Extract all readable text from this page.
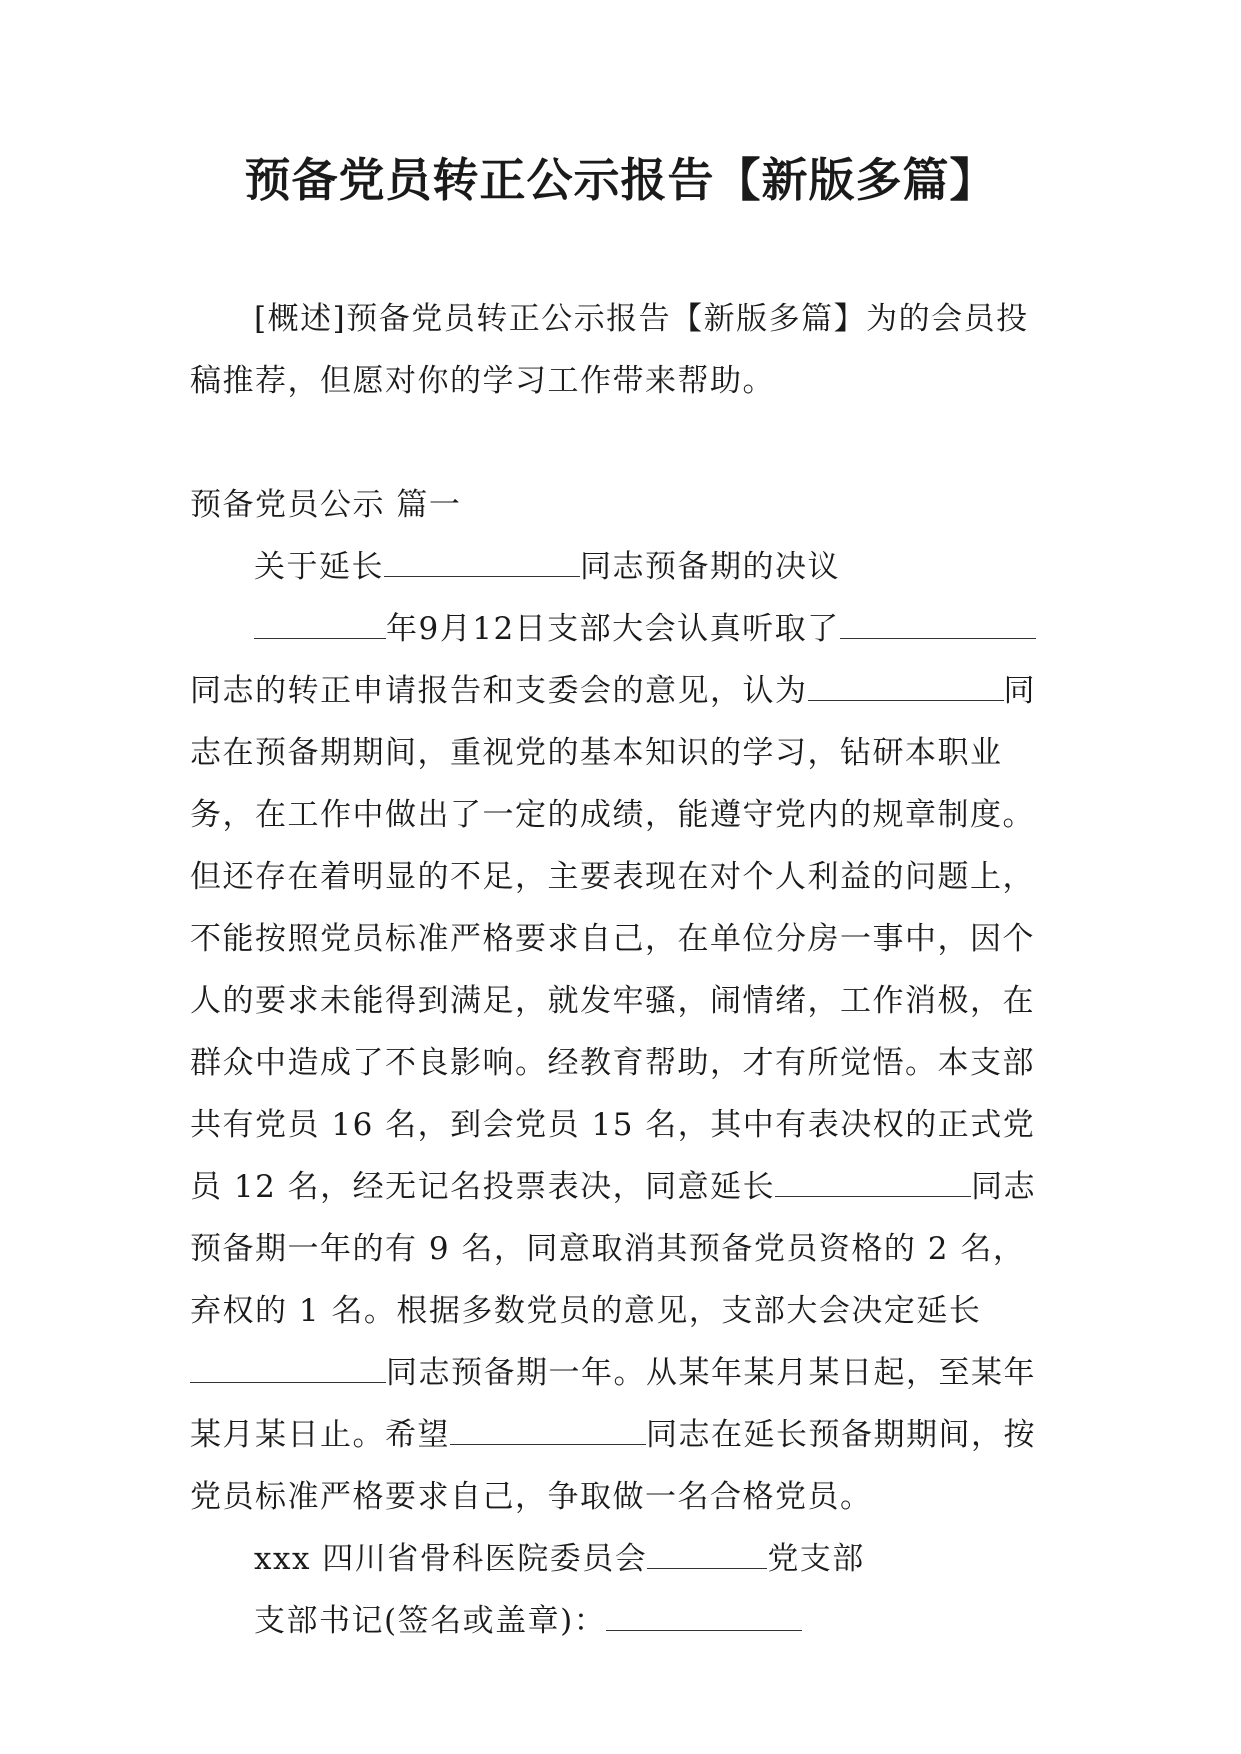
预备党员转正公示报告【新版多篇】

[概述]预备党员转正公示报告【新版多篇】为的会员投稿推荐，但愿对你的学习工作带来帮助。

预备党员公示 篇一

关于延长	同志预备期的决议

年9月12日支部大会认真听取了同志的转正申请报告和支委会的意见，认为	同志在预备期期间，重视党的基本知识的学习，钻研本职业务，在工作中做出了一定的成绩，能遵守党内的规章制度。但还存在着明显的不足，主要表现在对个人利益的问题上，不能按照党员标准严格要求自己，在单位分房一事中，因个人的要求未能得到满足，就发牢骚，闹情绪，工作消极，在群众中造成了不良影响。经教育帮助，才有所觉悟。本支部共有党员 16 名，到会党员 15 名，其中有表决权的正式党员 12 名，经无记名投票表决，同意延长	同志预备期一年的有 9 名，同意取消其预备党员资格的 2 名，弃权的 1 名。根据多数党员的意见，支部大会决定延长同志预备期一年。从某年某月某日起，至某年某月某日止。希望	同志在延长预备期期间，按党员标准严格要求自己，争取做一名合格党员。

xxx 四川省骨科医院委员会	党支部

支部书记(签名或盖章)：
